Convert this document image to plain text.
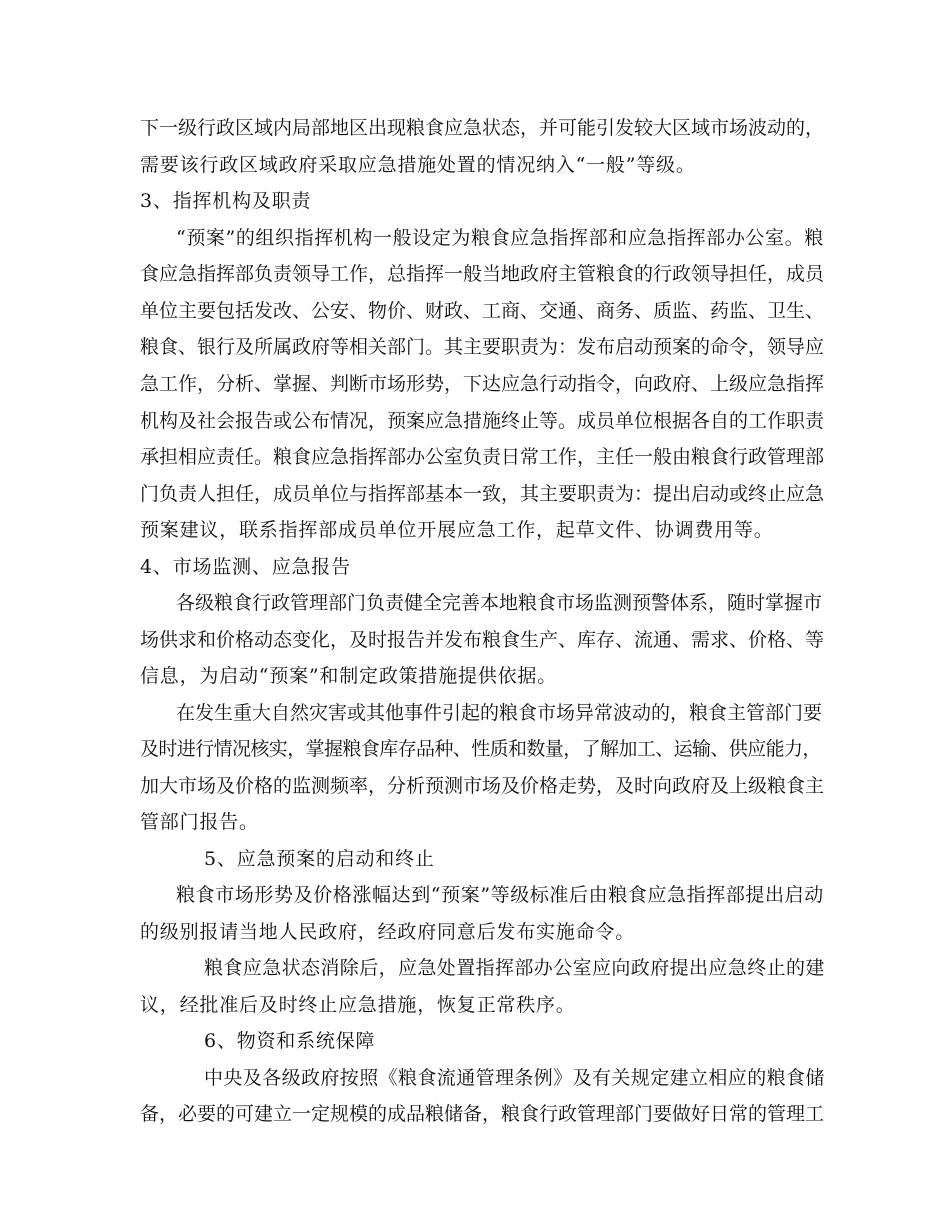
下一级行政区域内局部地区出现粮食应急状态，并可能引发较大区域市场波动的，
需要该行政区域政府采取应急措施处置的情况纳入“一般”等级。
3、指挥机构及职责
“预案”的组织指挥机构一般设定为粮食应急指挥部和应急指挥部办公室。粮
食应急指挥部负责领导工作，总指挥一般当地政府主管粮食的行政领导担任，成员
单位主要包括发改、公安、物价、财政、工商、交通、商务、质监、药监、卫生、
粮食、银行及所属政府等相关部门。其主要职责为：发布启动预案的命令，领导应
急工作，分析、掌握、判断市场形势，下达应急行动指令，向政府、上级应急指挥
机构及社会报告或公布情况，预案应急措施终止等。成员单位根据各自的工作职责
承担相应责任。粮食应急指挥部办公室负责日常工作，主任一般由粮食行政管理部
门负责人担任，成员单位与指挥部基本一致，其主要职责为：提出启动或终止应急
预案建议，联系指挥部成员单位开展应急工作，起草文件、协调费用等。
4、市场监测、应急报告
各级粮食行政管理部门负责健全完善本地粮食市场监测预警体系，随时掌握市
场供求和价格动态变化，及时报告并发布粮食生产、库存、流通、需求、价格、等
信息，为启动“预案”和制定政策措施提供依据。
在发生重大自然灾害或其他事件引起的粮食市场异常波动的，粮食主管部门要
及时进行情况核实，掌握粮食库存品种、性质和数量，了解加工、运输、供应能力，
加大市场及价格的监测频率，分析预测市场及价格走势，及时向政府及上级粮食主
管部门报告。
5、应急预案的启动和终止
粮食市场形势及价格涨幅达到“预案”等级标准后由粮食应急指挥部提出启动
的级别报请当地人民政府，经政府同意后发布实施命令。
粮食应急状态消除后，应急处置指挥部办公室应向政府提出应急终止的建
议，经批准后及时终止应急措施，恢复正常秩序。
6、物资和系统保障
中央及各级政府按照《粮食流通管理条例》及有关规定建立相应的粮食储
备，必要的可建立一定规模的成品粮储备，粮食行政管理部门要做好日常的管理工
